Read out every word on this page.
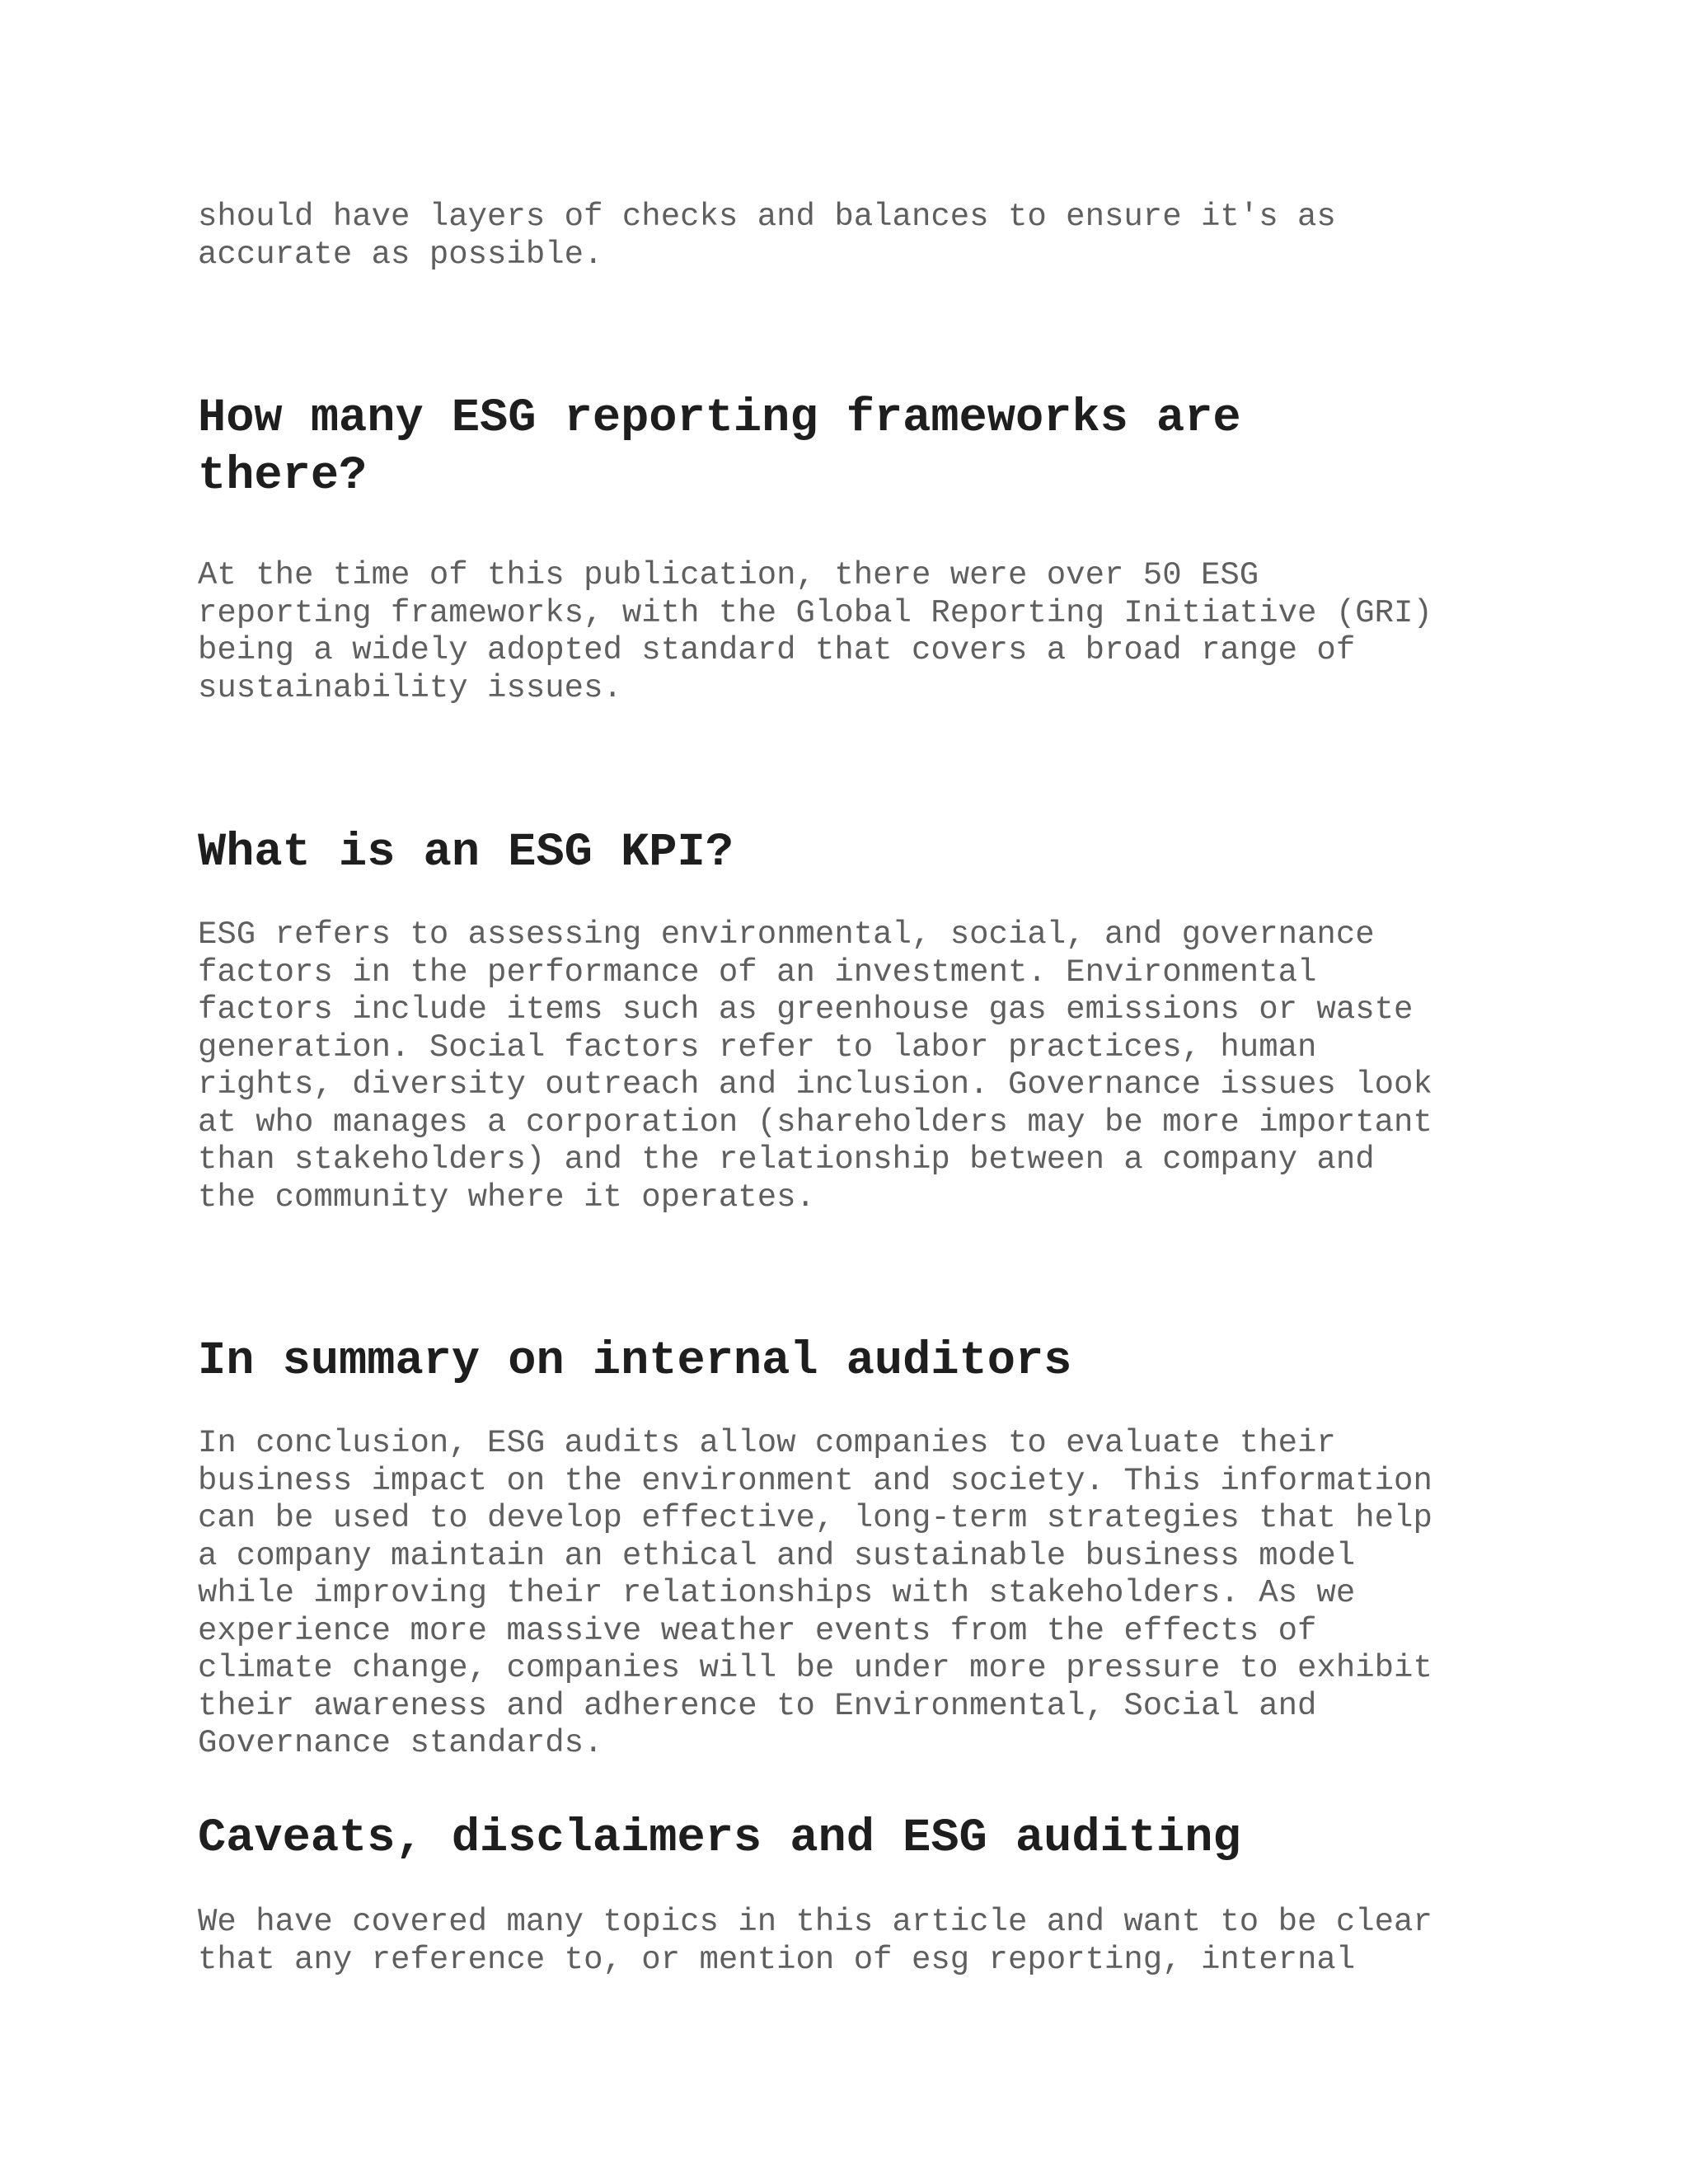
should have layers of checks and balances to ensure it's as
accurate as possible.
How many ESG reporting frameworks are
there?
At the time of this publication, there were over 50 ESG
reporting frameworks, with the Global Reporting Initiative (GRI)
being a widely adopted standard that covers a broad range of
sustainability issues.
What is an ESG KPI?
ESG refers to assessing environmental, social, and governance
factors in the performance of an investment. Environmental
factors include items such as greenhouse gas emissions or waste
generation. Social factors refer to labor practices, human
rights, diversity outreach and inclusion. Governance issues look
at who manages a corporation (shareholders may be more important
than stakeholders) and the relationship between a company and
the community where it operates.
In summary on internal auditors
In conclusion, ESG audits allow companies to evaluate their
business impact on the environment and society. This information
can be used to develop effective, long-term strategies that help
a company maintain an ethical and sustainable business model
while improving their relationships with stakeholders. As we
experience more massive weather events from the effects of
climate change, companies will be under more pressure to exhibit
their awareness and adherence to Environmental, Social and
Governance standards.
Caveats, disclaimers and ESG auditing
We have covered many topics in this article and want to be clear
that any reference to, or mention of esg reporting, internal
